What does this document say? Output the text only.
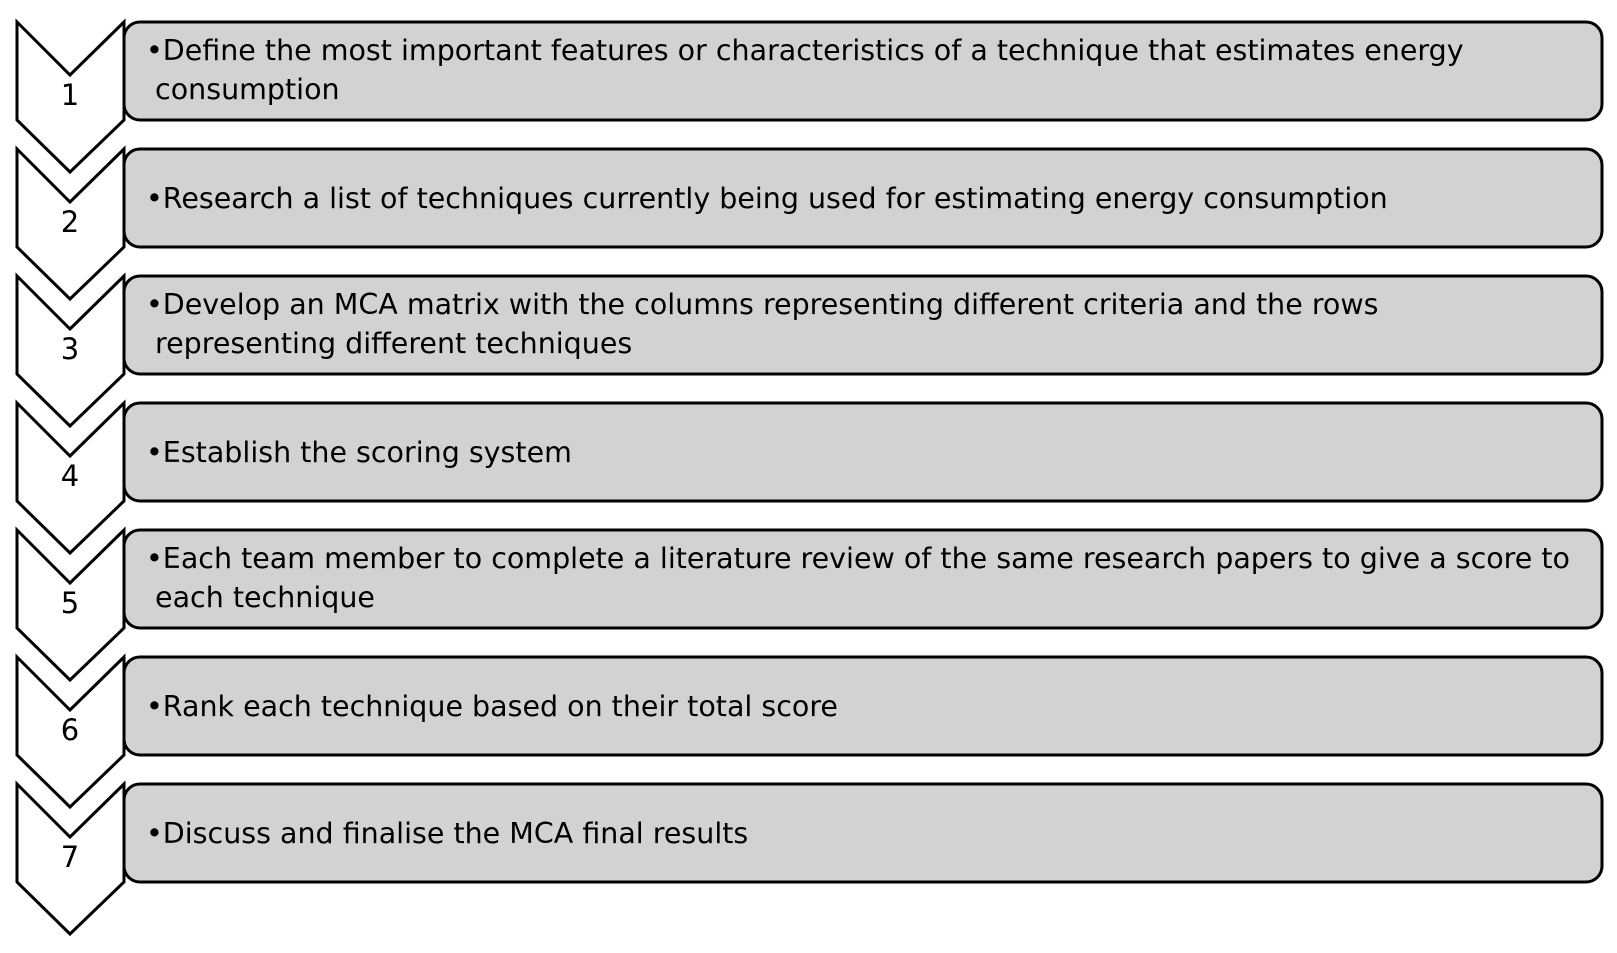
1
2
3
4
5
6
7
•Define the most important features or characteristics of a technique that estimates energy
consumption
•Research a list of techniques currently being used for estimating energy consumption
•Develop an MCA matrix with the columns representing different criteria and the rows
representing different techniques
•Establish the scoring system
•Each team member to complete a literature review of the same research papers to give a score to
each technique
•Rank each technique based on their total score
•Discuss and finalise the MCA final results
